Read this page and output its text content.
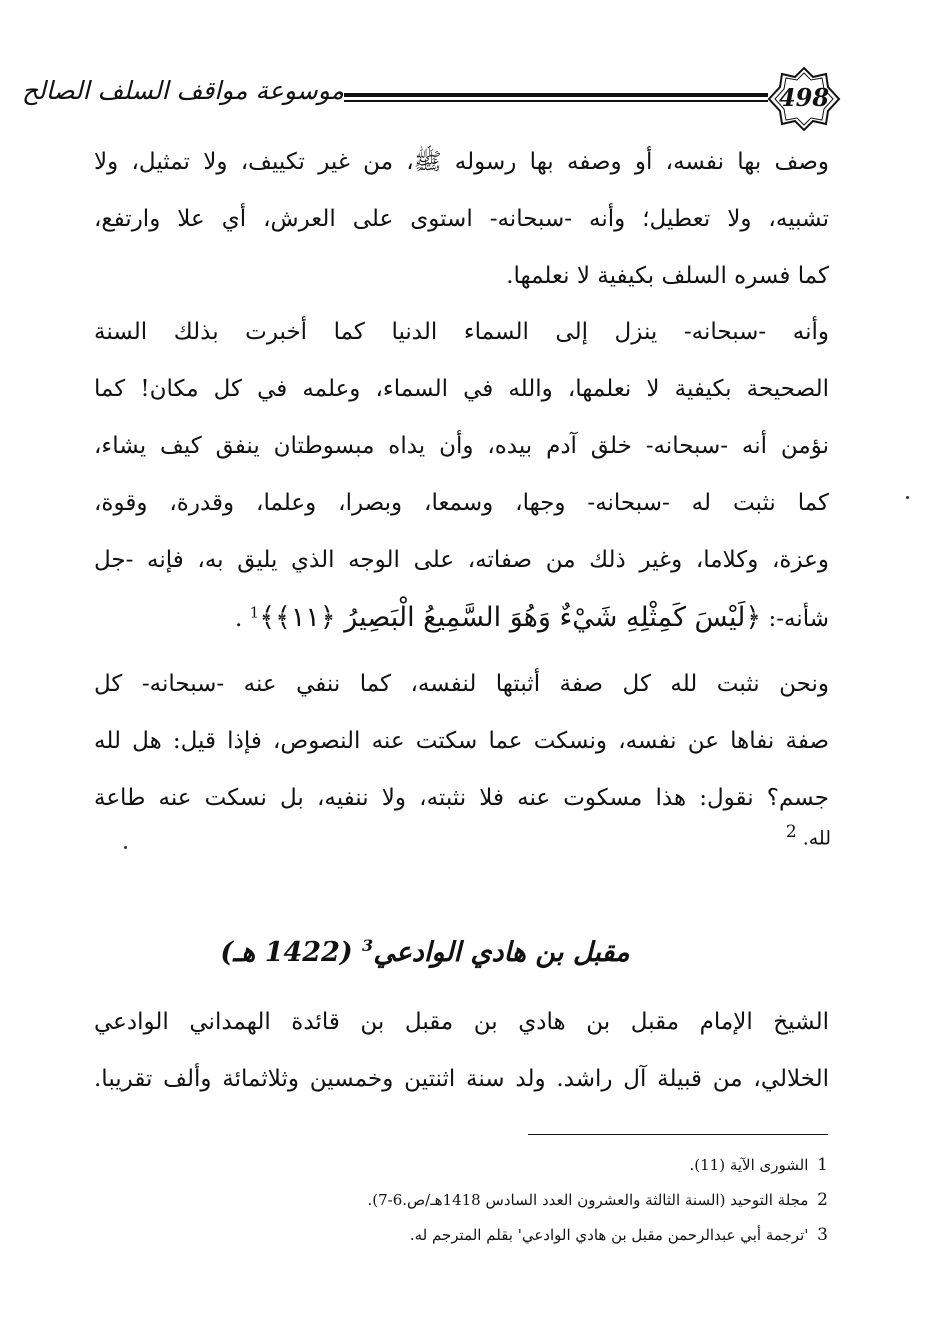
موسوعة مواقف السلف الصالح	498
وصف بها نفسه، أو وصفه بها رسوله ﷺ، من غير تكييف، ولا تمثيل، ولا
تشبيه، ولا تعطيل؛ وأنه -سبحانه- استوى على العرش، أي علا وارتفع،
كما فسره السلف بكيفية لا نعلمها.
وأنه -سبحانه- ينزل إلى السماء الدنيا كما أخبرت بذلك السنة
الصحيحة بكيفية لا نعلمها، والله في السماء، وعلمه في كل مكان! كما
نؤمن أنه -سبحانه- خلق آدم بيده، وأن يداه مبسوطتان ينفق كيف يشاء،
كما نثبت له -سبحانه- وجها، وسمعا، وبصرا، وعلما، وقدرة، وقوة،
وعزة، وكلاما، وغير ذلك من صفاته، على الوجه الذي يليق به، فإنه -جل
شأنه-: ﴿لَيْسَ كَمِثْلِهِ شَيْءٌ وَهُوَ السَّمِيعُ الْبَصِيرُ ﴿١١﴾﴾$^1$ .
ونحن نثبت لله كل صفة أثبتها لنفسه، كما ننفي عنه -سبحانه- كل
صفة نفاها عن نفسه، ونسكت عما سكتت عنه النصوص، فإذا قيل: هل لله
جسم؟ نقول: هذا مسكوت عنه فلا نثبته، ولا ننفيه، بل نسكت عنه طاعة
لله. 2
مقبل بن هادي الوادعي$^3$ (1422 هـ)
الشيخ الإمام مقبل بن هادي بن مقبل بن قائدة الهمداني الوادعي
الخلالي، من قبيلة آل راشد. ولد سنة اثنتين وخمسين وثلاثمائة وألف تقريبا.
1 الشورى الآية (11).
2 مجلة التوحيد (السنة الثالثة والعشرون العدد السادس 1418هـ/ص.6-7).
3 'ترجمة أبي عبدالرحمن مقبل بن هادي الوادعي' بقلم المترجم له.
